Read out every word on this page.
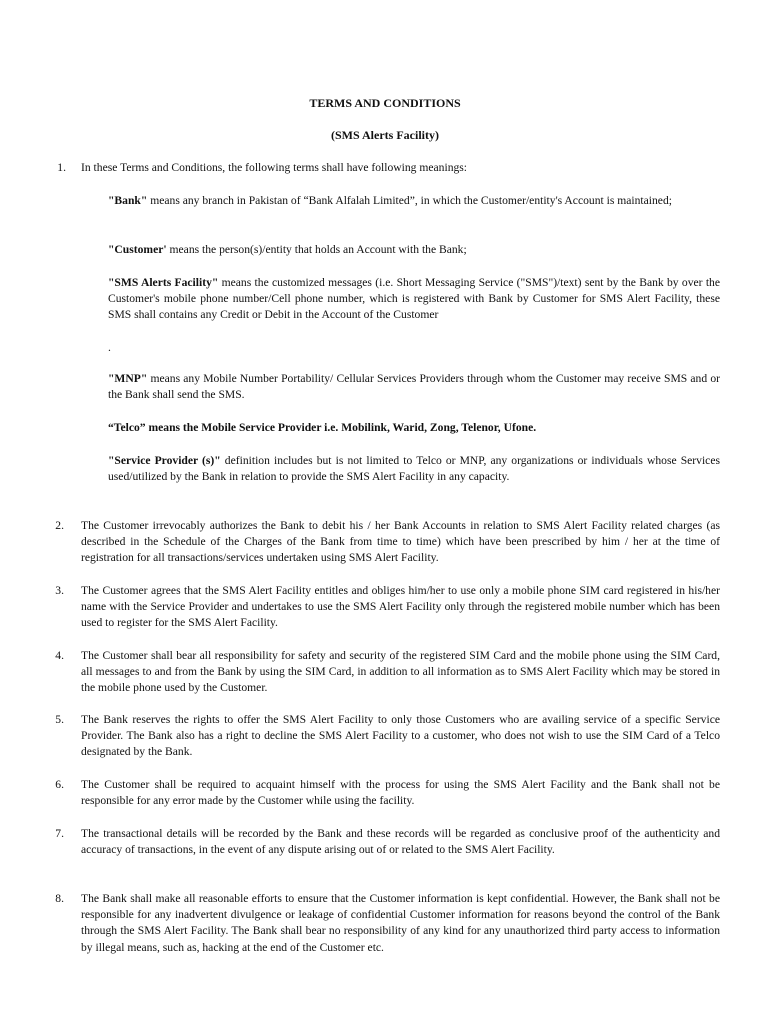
TERMS AND CONDITIONS
(SMS Alerts Facility)
1. In these Terms and Conditions, the following terms shall have following meanings:
"Bank" means any branch in Pakistan of “Bank Alfalah Limited”, in which the Customer/entity's Account is maintained;
"Customer' means the person(s)/entity that holds an Account with the Bank;
"SMS Alerts Facility" means the customized messages (i.e. Short Messaging Service ("SMS")/text) sent by the Bank by over the Customer's mobile phone number/Cell phone number, which is registered with Bank by Customer for SMS Alert Facility, these SMS shall contains any Credit or Debit in the Account of the Customer
.
"MNP" means any Mobile Number Portability/ Cellular Services Providers through whom the Customer may receive SMS and or the Bank shall send the SMS.
“Telco” means the Mobile Service Provider i.e. Mobilink, Warid, Zong, Telenor, Ufone.
"Service Provider (s)" definition includes but is not limited to Telco or MNP, any organizations or individuals whose Services used/utilized by the Bank in relation to provide the SMS Alert Facility in any capacity.
2. The Customer irrevocably authorizes the Bank to debit his / her Bank Accounts in relation to SMS Alert Facility related charges (as described in the Schedule of the Charges of the Bank from time to time) which have been prescribed by him / her at the time of registration for all transactions/services undertaken using SMS Alert Facility.
3. The Customer agrees that the SMS Alert Facility entitles and obliges him/her to use only a mobile phone SIM card registered in his/her name with the Service Provider and undertakes to use the SMS Alert Facility only through the registered mobile number which has been used to register for the SMS Alert Facility.
4. The Customer shall bear all responsibility for safety and security of the registered SIM Card and the mobile phone using the SIM Card, all messages to and from the Bank by using the SIM Card, in addition to all information as to SMS Alert Facility which may be stored in the mobile phone used by the Customer.
5. The Bank reserves the rights to offer the SMS Alert Facility to only those Customers who are availing service of a specific Service Provider. The Bank also has a right to decline the SMS Alert Facility to a customer, who does not wish to use the SIM Card of a Telco designated by the Bank.
6. The Customer shall be required to acquaint himself with the process for using the SMS Alert Facility and the Bank shall not be responsible for any error made by the Customer while using the facility.
7. The transactional details will be recorded by the Bank and these records will be regarded as conclusive proof of the authenticity and accuracy of transactions, in the event of any dispute arising out of or related to the SMS Alert Facility.
8. The Bank shall make all reasonable efforts to ensure that the Customer information is kept confidential. However, the Bank shall not be responsible for any inadvertent divulgence or leakage of confidential Customer information for reasons beyond the control of the Bank through the SMS Alert Facility. The Bank shall bear no responsibility of any kind for any unauthorized third party access to information by illegal means, such as, hacking at the end of the Customer etc.
